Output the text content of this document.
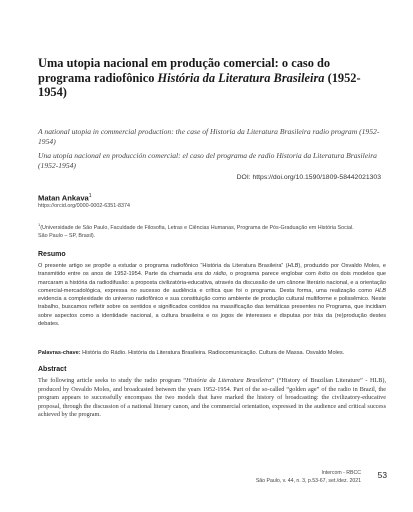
Uma utopia nacional em produção comercial: o caso do programa radiofônico História da Literatura Brasileira (1952-1954)
A national utopia in commercial production: the case of Historia da Literatura Brasileira radio program (1952-1954)
Una utopía nacional en producción comercial: el caso del programa de radio Historia da Literatura Brasileira (1952-1954)
DOI: https://doi.org/10.1590/1809-58442021303
Matan Ankava$^1$
https://orcid.org/0000-0002-6351-8374
$^1$(Universidade de São Paulo, Faculdade de Filosofia, Letras e Ciências Humanas, Programa de Pós-Graduação em História Social. São Paulo – SP, Brasil).
Resumo
O presente artigo se propõe a estudar o programa radiofônico “História da Literatura Brasileira” (HLB), produzido por Osvaldo Moles, e transmitido entre os anos de 1952-1954. Parte da chamada era do rádio, o programa parece englobar com êxito os dois modelos que marcaram a história da radiodifusão: a proposta civilizatória-educativa, através da discussão de um cânone literário nacional, e a orientação comercial-mercadológica, expressa no sucesso de audiência e crítica que foi o programa. Desta forma, uma realização como HLB evidencia a complexidade do universo radiofônico e sua constituição como ambiente de produção cultural multiforme e polissêmico. Neste trabalho, buscamos refletir sobre os sentidos e significados contidos na massificação das temáticas presentes no Programa, que incidiam sobre aspectos como a identidade nacional, a cultura brasileira e os jogos de interesses e disputas por trás da (re)produção destes debates.
Palavras-chave: História do Rádio. História da Literatura Brasileira. Radiocomunicação. Cultura de Massa. Osvaldo Moles.
Abstract
The following article seeks to study the radio program “História da Literatura Brasileira” (“History of Brazilian Literature” - HLB), produced by Osvaldo Moles, and broadcasted between the years 1952-1954. Part of the so-called “golden age” of the radio in Brazil, the program appears to successfully encompass the two models that have marked the history of broadcasting: the civilizatory-educative proposal, through the discussion of a national literary canon, and the commercial orientation, expressed in the audience and critical success achieved by the program.
Intercom - RBCC
São Paulo, v. 44, n. 3, p.53-67, set./dez. 2021
53
